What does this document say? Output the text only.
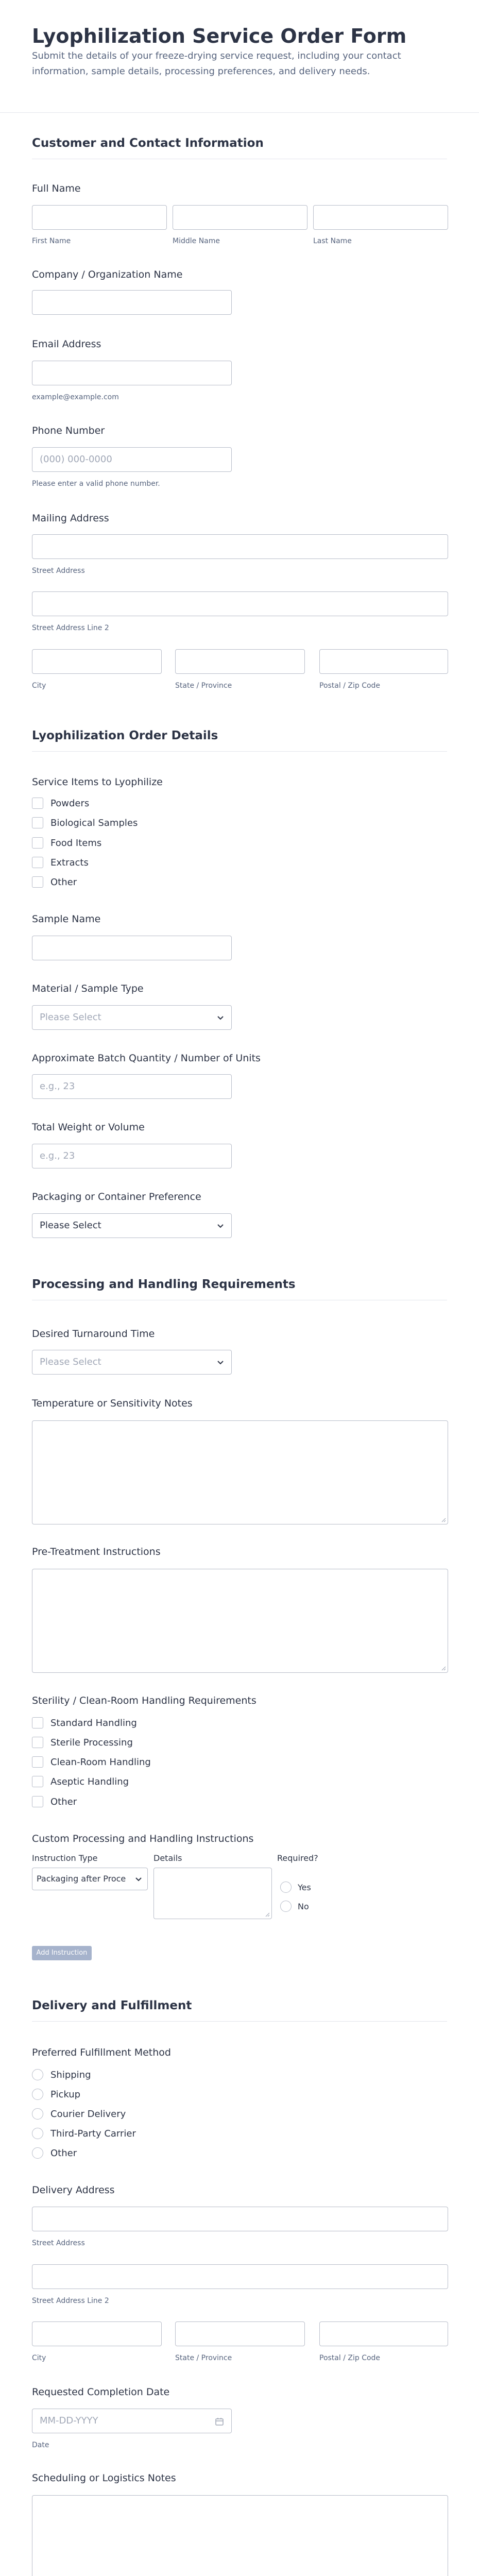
Lyophilization Service Order Form
Submit the details of your freeze-drying service request, including your contact information, sample details, processing preferences, and delivery needs.
Customer and Contact Information
Full Name
First Name	Middle Name	Last Name
Company / Organization Name
Email Address
example@example.com
Phone Number
(000) 000-0000
Please enter a valid phone number.
Mailing Address
Street Address
Street Address Line 2
City	State / Province	Postal / Zip Code
Lyophilization Order Details
Service Items to Lyophilize
Powders
Biological Samples
Food Items
Extracts
Other
Sample Name
Material / Sample Type
Please Select
Approximate Batch Quantity / Number of Units
e.g., 23
Total Weight or Volume
e.g., 23
Packaging or Container Preference
Please Select
Processing and Handling Requirements
Desired Turnaround Time
Please Select
Temperature or Sensitivity Notes
Pre-Treatment Instructions
Sterility / Clean-Room Handling Requirements
Standard Handling
Sterile Processing
Clean-Room Handling
Aseptic Handling
Other
Custom Processing and Handling Instructions
Instruction Type	Details	Required?
Packaging after Proce
Yes
No
Add Instruction
Delivery and Fulfillment
Preferred Fulfillment Method
Shipping
Pickup
Courier Delivery
Third-Party Carrier
Other
Delivery Address
Street Address
Street Address Line 2
City	State / Province	Postal / Zip Code
Requested Completion Date
MM-DD-YYYY
Date
Scheduling or Logistics Notes
